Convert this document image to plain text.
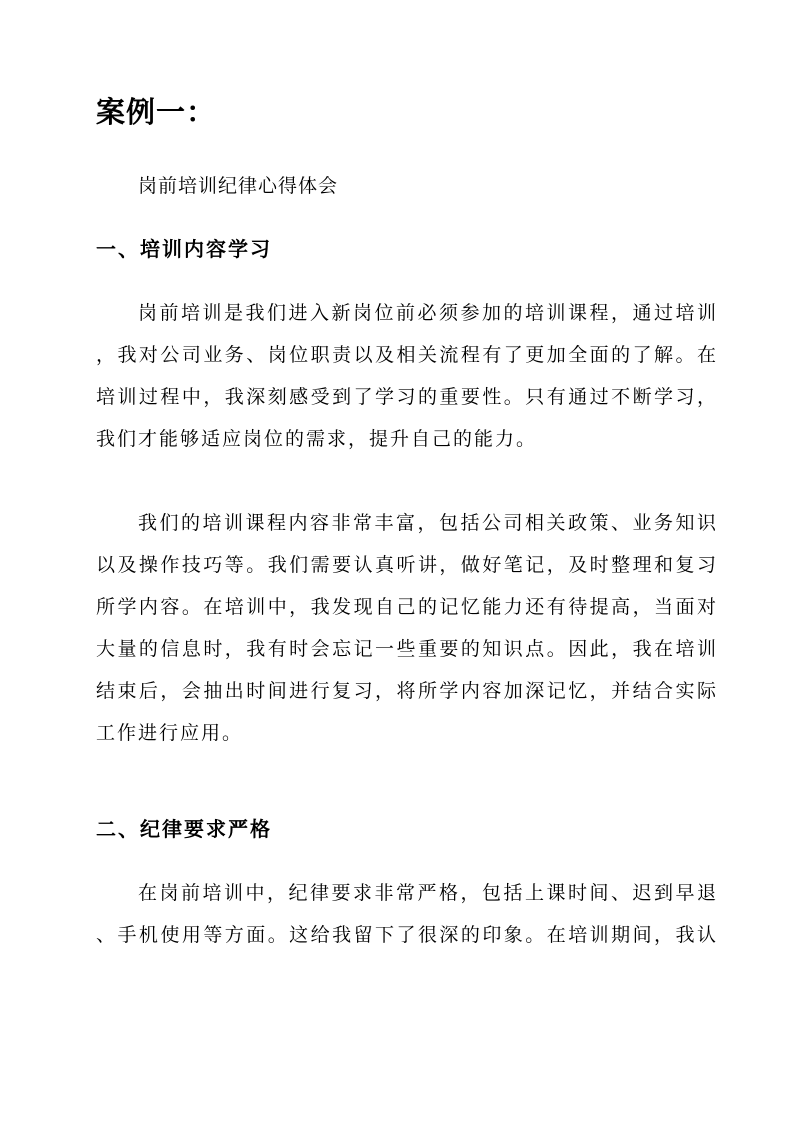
案例一：
岗前培训纪律心得体会
一、培训内容学习
岗前培训是我们进入新岗位前必须参加的培训课程，通过培训
，我对公司业务、岗位职责以及相关流程有了更加全面的了解。在
培训过程中，我深刻感受到了学习的重要性。只有通过不断学习，
我们才能够适应岗位的需求，提升自己的能力。
我们的培训课程内容非常丰富，包括公司相关政策、业务知识
以及操作技巧等。我们需要认真听讲，做好笔记，及时整理和复习
所学内容。在培训中，我发现自己的记忆能力还有待提高，当面对
大量的信息时，我有时会忘记一些重要的知识点。因此，我在培训
结束后，会抽出时间进行复习，将所学内容加深记忆，并结合实际
工作进行应用。
二、纪律要求严格
在岗前培训中，纪律要求非常严格，包括上课时间、迟到早退
、手机使用等方面。这给我留下了很深的印象。在培训期间，我认
